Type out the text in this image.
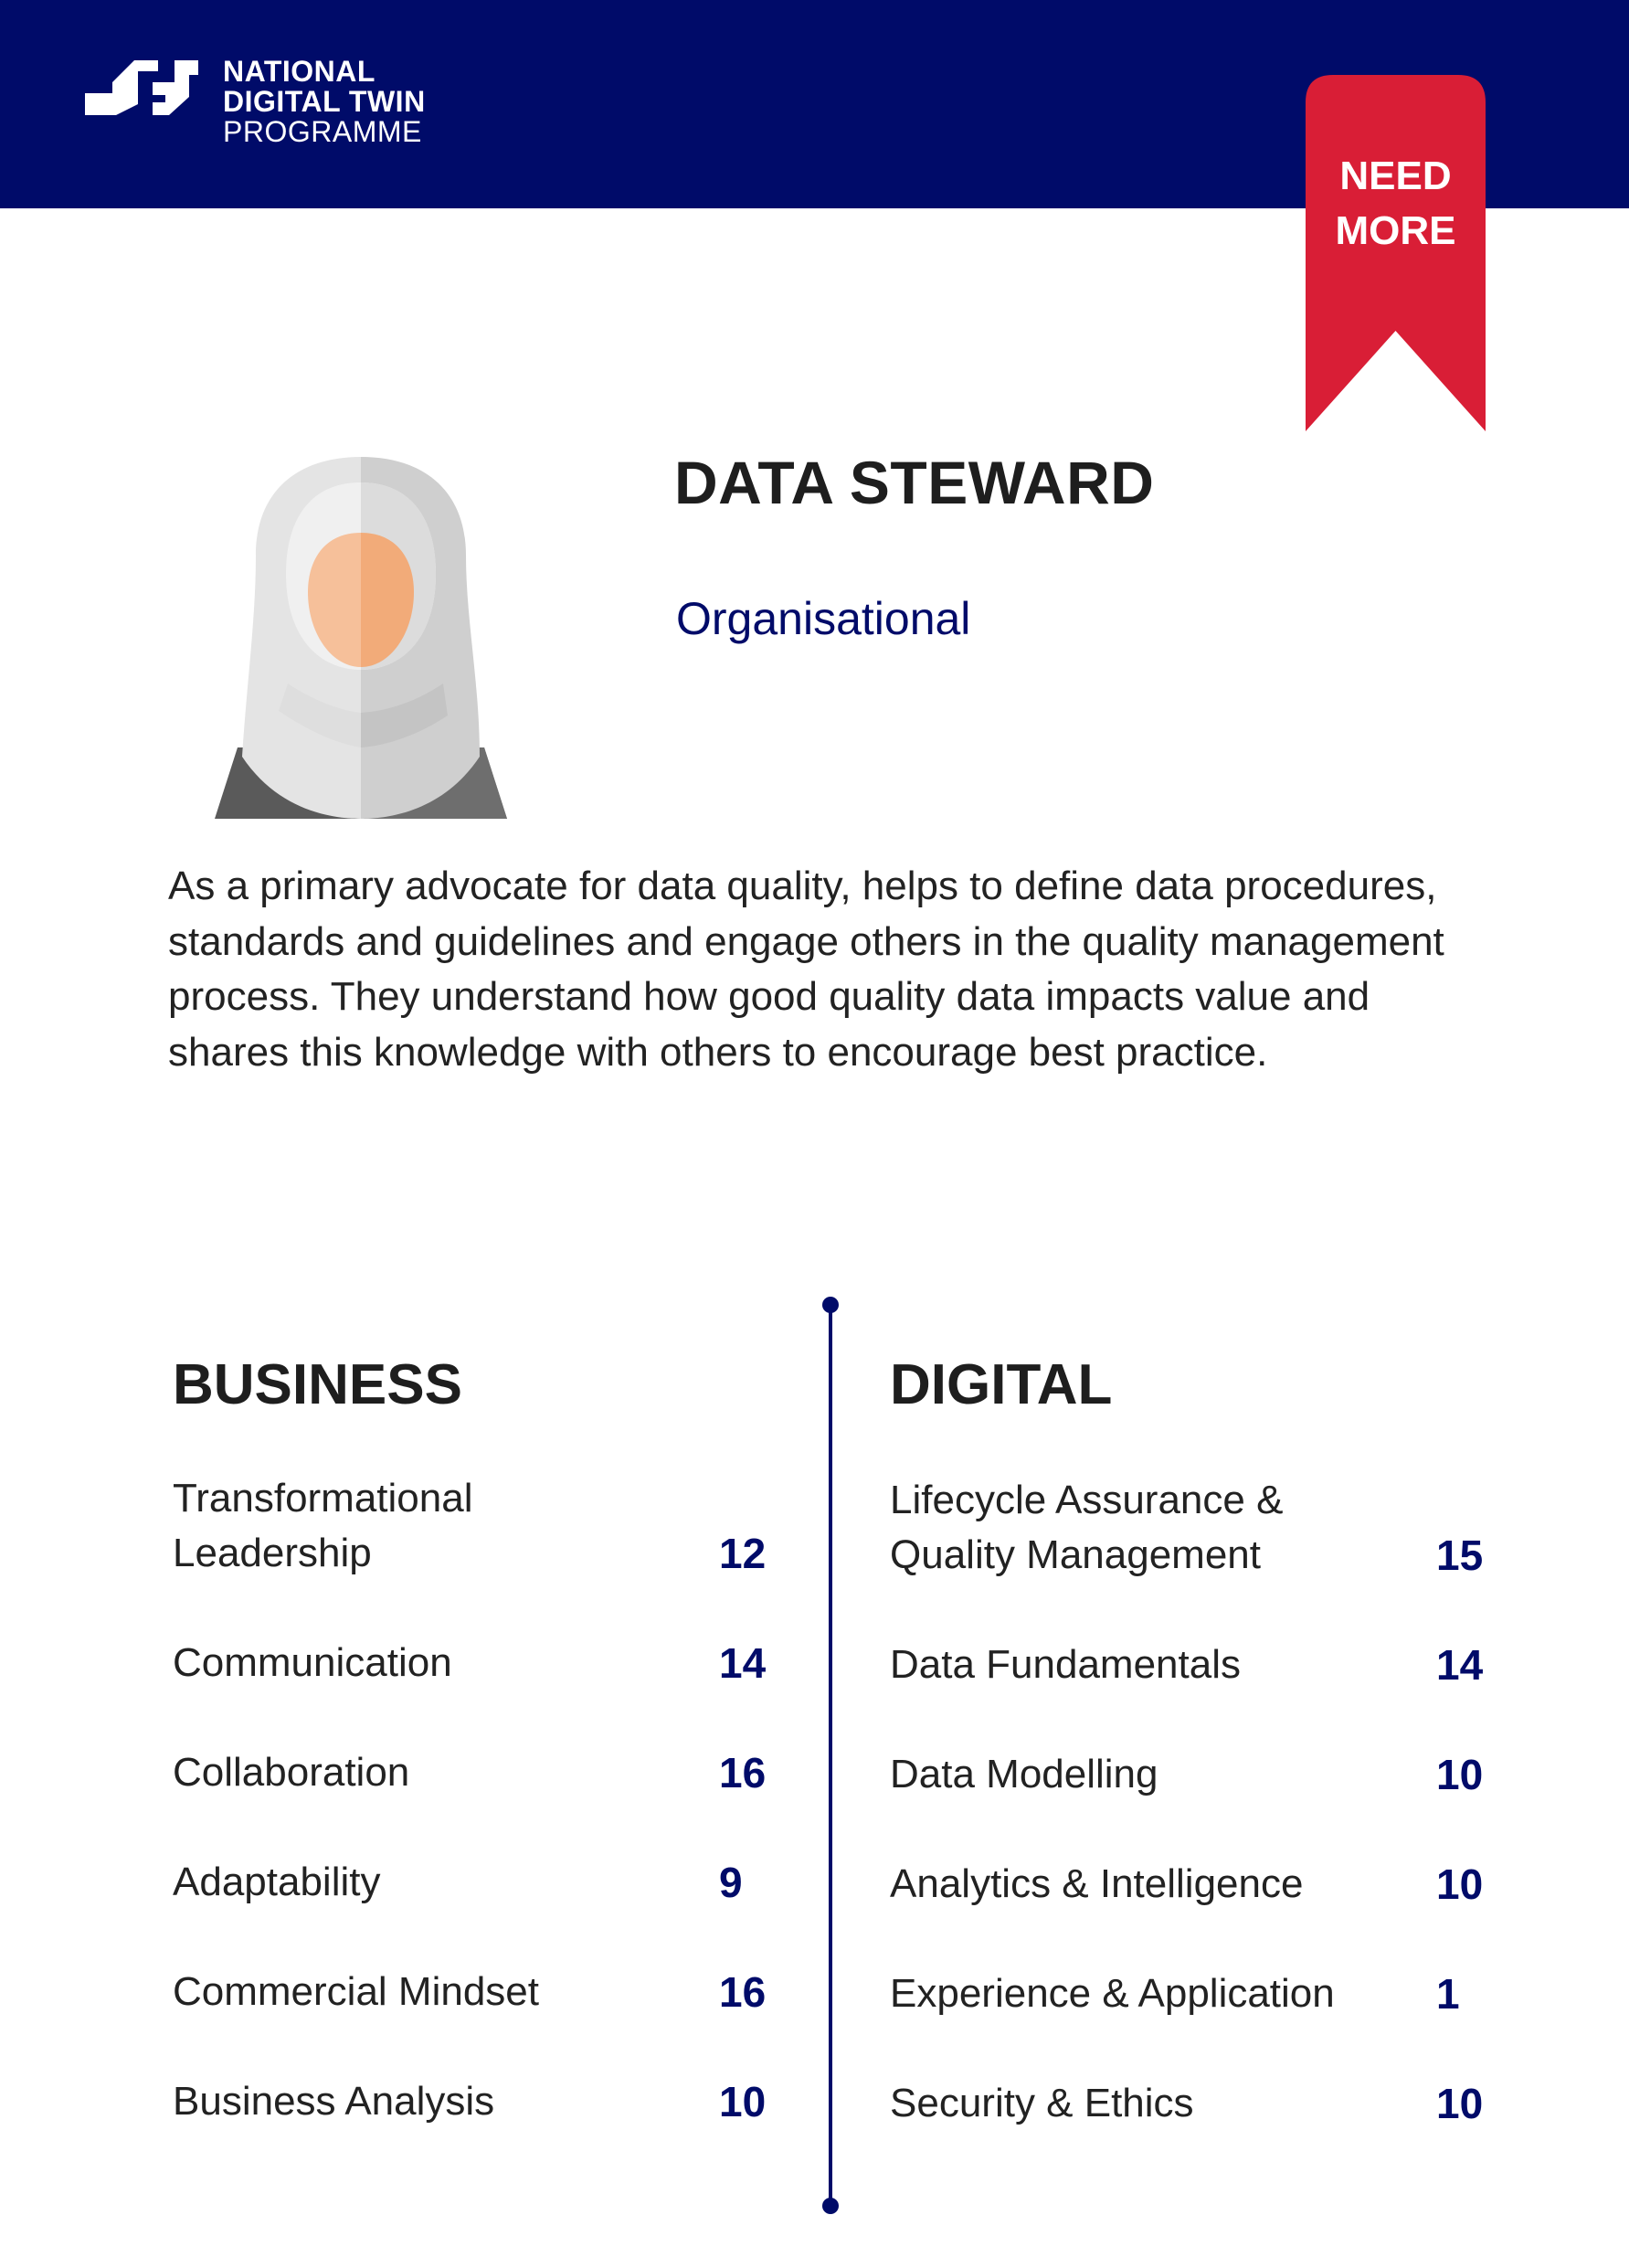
NATIONAL
DIGITAL TWIN
PROGRAMME
NEED
MORE
DATA STEWARD
Organisational
As a primary advocate for data quality, helps to define data procedures, standards and guidelines and engage others in the quality management process. They understand how good quality data impacts value and shares this knowledge with others to encourage best practice.
BUSINESS
Transformational
Leadership	12
Communication	14
Collaboration	16
Adaptability	9
Commercial Mindset	16
Business Analysis	10
DIGITAL
Lifecycle Assurance &
Quality Management	15
Data Fundamentals	14
Data Modelling	10
Analytics & Intelligence	10
Experience & Application 1
Security & Ethics	10
